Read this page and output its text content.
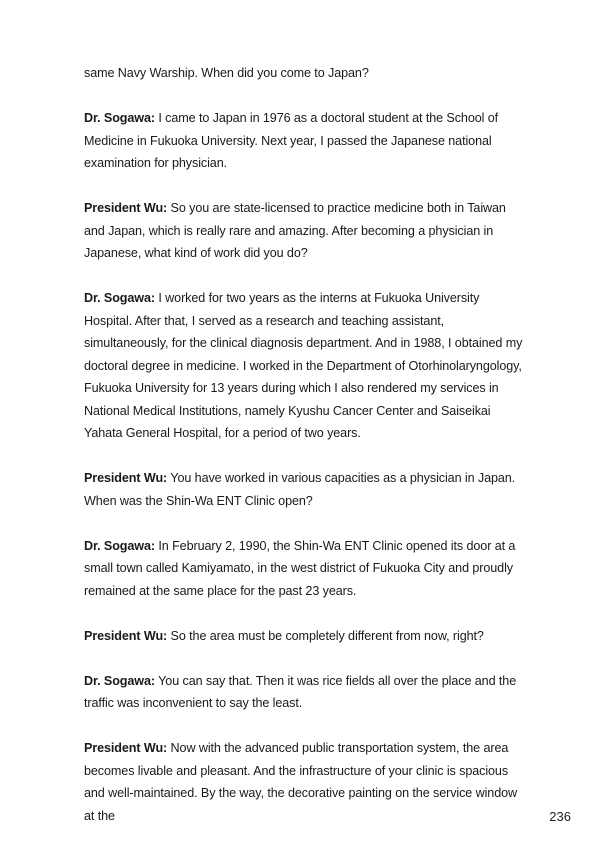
same Navy Warship. When did you come to Japan?

Dr. Sogawa: I came to Japan in 1976 as a doctoral student at the School of Medicine in Fukuoka University. Next year, I passed the Japanese national examination for physician.

President Wu: So you are state-licensed to practice medicine both in Taiwan and Japan, which is really rare and amazing. After becoming a physician in Japanese, what kind of work did you do?

Dr. Sogawa: I worked for two years as the interns at Fukuoka University Hospital. After that, I served as a research and teaching assistant, simultaneously, for the clinical diagnosis department. And in 1988, I obtained my doctoral degree in medicine. I worked in the Department of Otorhinolaryngology, Fukuoka University for 13 years during which I also rendered my services in National Medical Institutions, namely Kyushu Cancer Center and Saiseikai Yahata General Hospital, for a period of two years.

President Wu: You have worked in various capacities as a physician in Japan. When was the Shin-Wa ENT Clinic open?

Dr. Sogawa: In February 2, 1990, the Shin-Wa ENT Clinic opened its door at a small town called Kamiyamato, in the west district of Fukuoka City and proudly remained at the same place for the past 23 years.

President Wu: So the area must be completely different from now, right?

Dr. Sogawa: You can say that. Then it was rice fields all over the place and the traffic was inconvenient to say the least.

President Wu: Now with the advanced public transportation system, the area becomes livable and pleasant. And the infrastructure of your clinic is spacious and well-maintained. By the way, the decorative painting on the service window at the	236
